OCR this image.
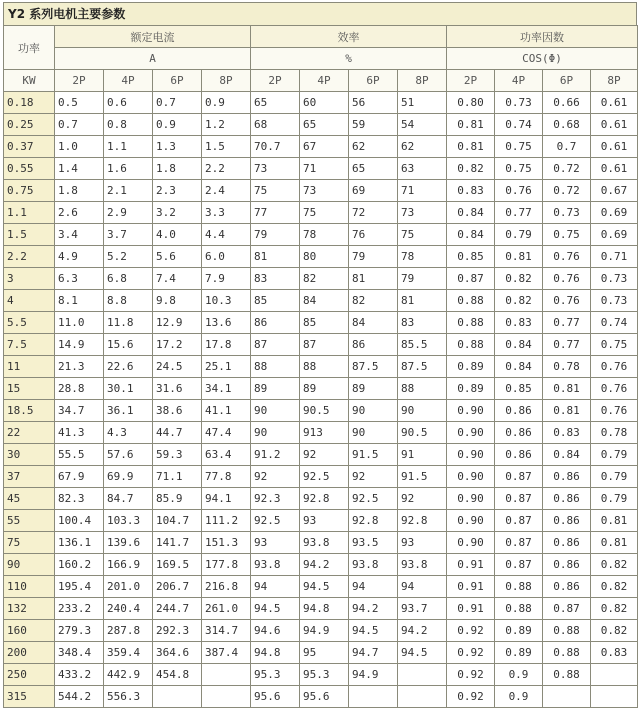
Y2 系列电机主要参数
功率	额定电流				效率				功率因数			
	A				%				COS(Φ)			
KW	2P	4P	6P	8P	2P	4P	6P	8P	2P	4P	6P	8P
0.18	0.5	0.6	0.7	0.9	65	60	56	51	0.80	0.73	0.66	0.61
0.25	0.7	0.8	0.9	1.2	68	65	59	54	0.81	0.74	0.68	0.61
0.37	1.0	1.1	1.3	1.5	70.7	67	62	62	0.81	0.75	0.7	0.61
0.55	1.4	1.6	1.8	2.2	73	71	65	63	0.82	0.75	0.72	0.61
0.75	1.8	2.1	2.3	2.4	75	73	69	71	0.83	0.76	0.72	0.67
1.1	2.6	2.9	3.2	3.3	77	75	72	73	0.84	0.77	0.73	0.69
1.5	3.4	3.7	4.0	4.4	79	78	76	75	0.84	0.79	0.75	0.69
2.2	4.9	5.2	5.6	6.0	81	80	79	78	0.85	0.81	0.76	0.71
3	6.3	6.8	7.4	7.9	83	82	81	79	0.87	0.82	0.76	0.73
4	8.1	8.8	9.8	10.3	85	84	82	81	0.88	0.82	0.76	0.73
5.5	11.0	11.8	12.9	13.6	86	85	84	83	0.88	0.83	0.77	0.74
7.5	14.9	15.6	17.2	17.8	87	87	86	85.5	0.88	0.84	0.77	0.75
11	21.3	22.6	24.5	25.1	88	88	87.5	87.5	0.89	0.84	0.78	0.76
15	28.8	30.1	31.6	34.1	89	89	89	88	0.89	0.85	0.81	0.76
18.5	34.7	36.1	38.6	41.1	90	90.5	90	90	0.90	0.86	0.81	0.76
22	41.3	4.3	44.7	47.4	90	913	90	90.5	0.90	0.86	0.83	0.78
30	55.5	57.6	59.3	63.4	91.2	92	91.5	91	0.90	0.86	0.84	0.79
37	67.9	69.9	71.1	77.8	92	92.5	92	91.5	0.90	0.87	0.86	0.79
45	82.3	84.7	85.9	94.1	92.3	92.8	92.5	92	0.90	0.87	0.86	0.79
55	100.4	103.3	104.7	111.2	92.5	93	92.8	92.8	0.90	0.87	0.86	0.81
75	136.1	139.6	141.7	151.3	93	93.8	93.5	93	0.90	0.87	0.86	0.81
90	160.2	166.9	169.5	177.8	93.8	94.2	93.8	93.8	0.91	0.87	0.86	0.82
110	195.4	201.0	206.7	216.8	94	94.5	94	94	0.91	0.88	0.86	0.82
132	233.2	240.4	244.7	261.0	94.5	94.8	94.2	93.7	0.91	0.88	0.87	0.82
160	279.3	287.8	292.3	314.7	94.6	94.9	94.5	94.2	0.92	0.89	0.88	0.82
200	348.4	359.4	364.6	387.4	94.8	95	94.7	94.5	0.92	0.89	0.88	0.83
250	433.2	442.9	454.8		95.3	95.3	94.9		0.92	0.9	0.88	
315	544.2	556.3			95.6	95.6			0.92	0.9		
